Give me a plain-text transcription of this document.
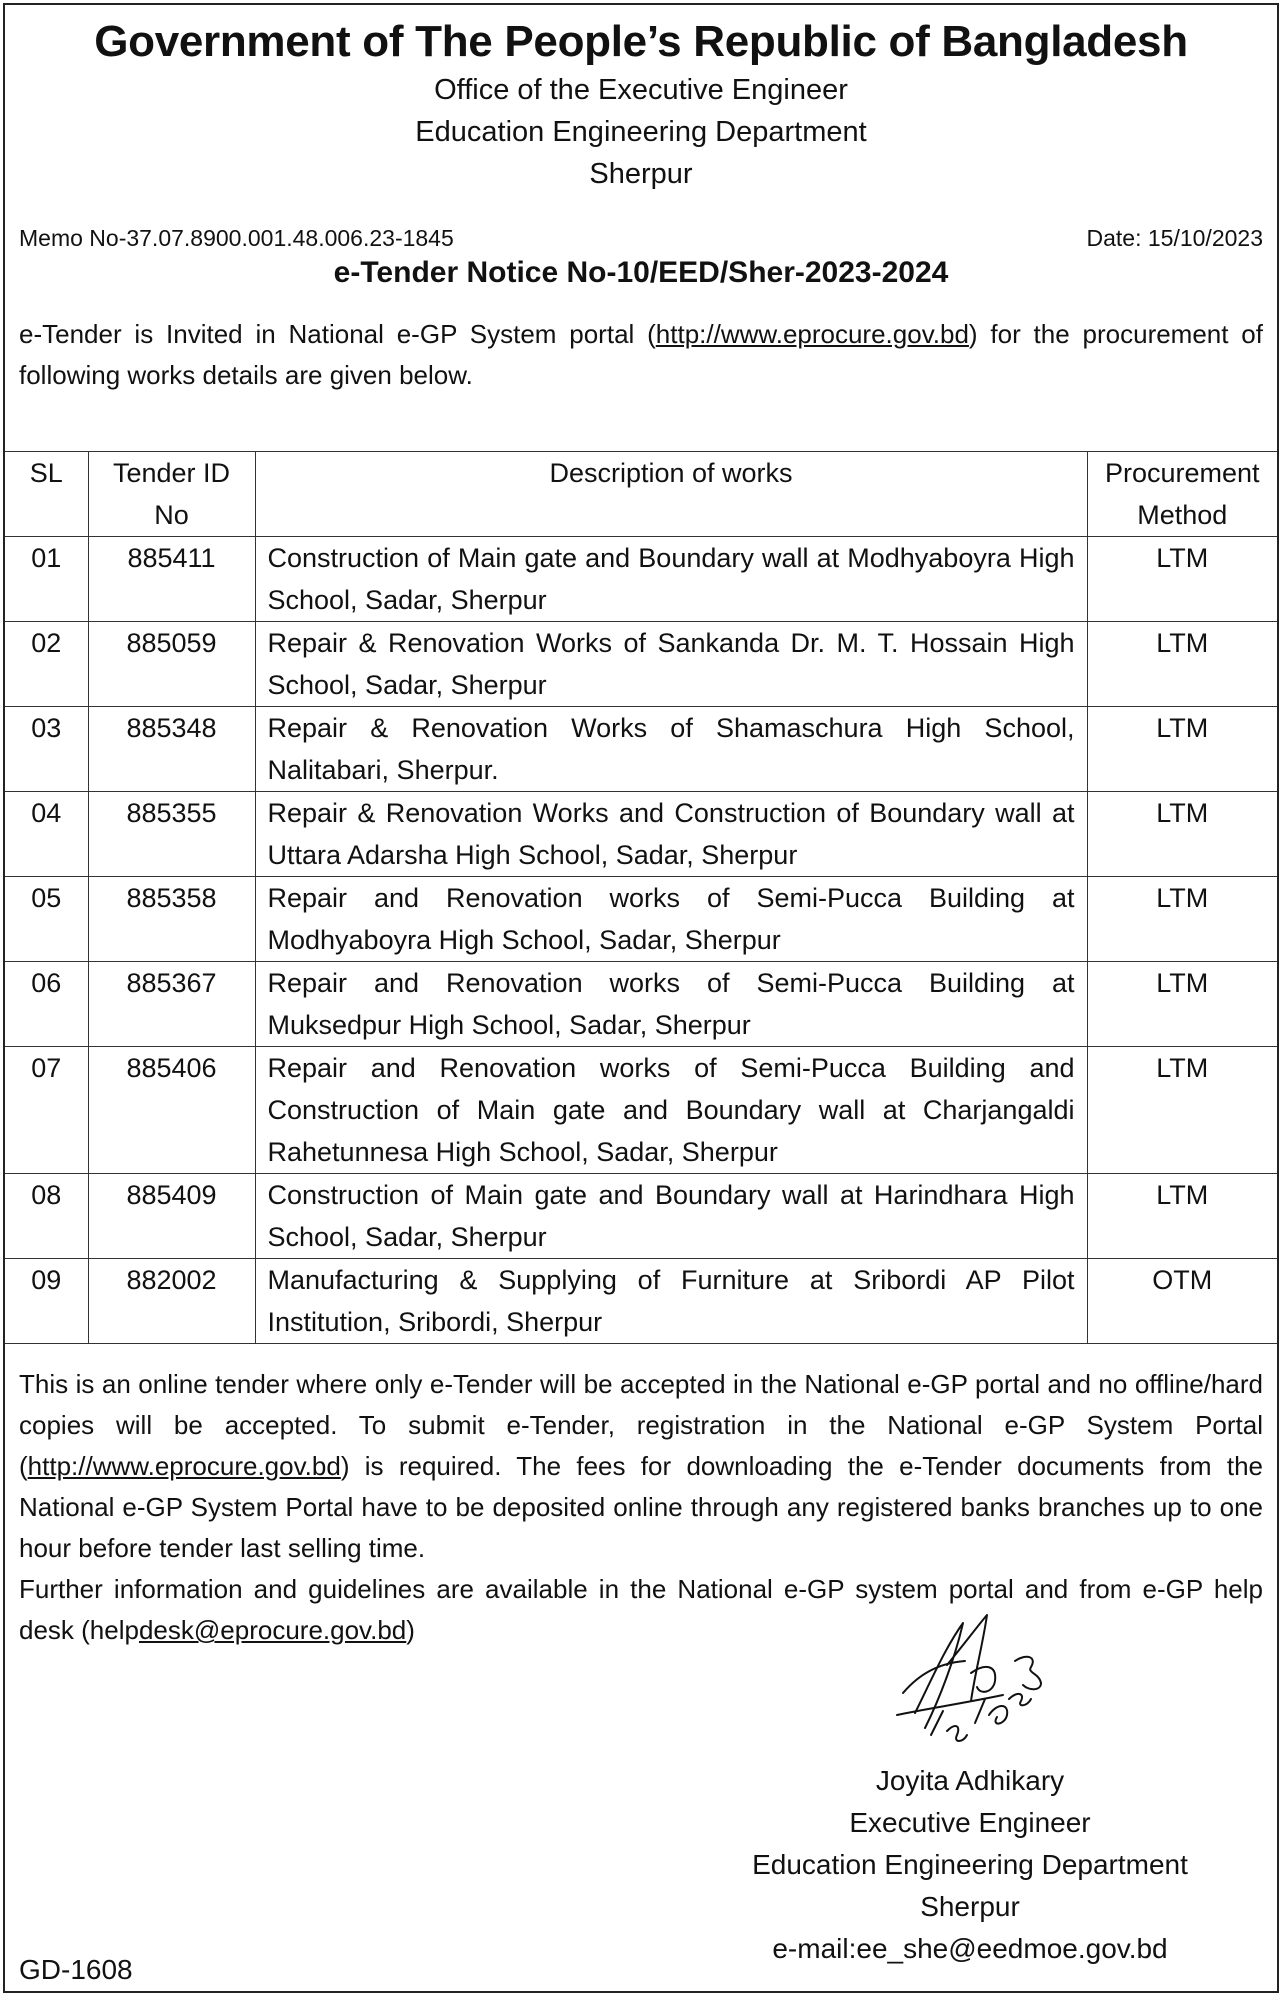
Government of The People’s Republic of Bangladesh
Office of the Executive Engineer
Education Engineering Department
Sherpur
Memo No-37.07.8900.001.48.006.23-1845	Date: 15/10/2023
e-Tender Notice No-10/EED/Sher-2023-2024
e-Tender is Invited in National e-GP System portal (http://www.eprocure.gov.bd) for the procurement of following works details are given below.
SL	Tender ID No	Description of works	Procurement Method
01	885411	Construction of Main gate and Boundary wall at Modhyaboyra High School, Sadar, Sherpur	LTM
02	885059	Repair & Renovation Works of Sankanda Dr. M. T. Hossain High School, Sadar, Sherpur	LTM
03	885348	Repair & Renovation Works of Shamaschura High School, Nalitabari, Sherpur.	LTM
04	885355	Repair & Renovation Works and Construction of Boundary wall at Uttara Adarsha High School, Sadar, Sherpur	LTM
05	885358	Repair and Renovation works of Semi-Pucca Building at Modhyaboyra High School, Sadar, Sherpur	LTM
06	885367	Repair and Renovation works of Semi-Pucca Building at Muksedpur High School, Sadar, Sherpur	LTM
07	885406	Repair and Renovation works of Semi-Pucca Building and Construction of Main gate and Boundary wall at Charjangaldi Rahetunnesa High School, Sadar, Sherpur	LTM
08	885409	Construction of Main gate and Boundary wall at Harindhara High School, Sadar, Sherpur	LTM
09	882002	Manufacturing & Supplying of Furniture at Sribordi AP Pilot Institution, Sribordi, Sherpur	OTM

This is an online tender where only e-Tender will be accepted in the National e-GP portal and no offline/hard copies will be accepted. To submit e-Tender, registration in the National e-GP System Portal (http://www.eprocure.gov.bd) is required. The fees for downloading the e-Tender documents from the National e-GP System Portal have to be deposited online through any registered banks branches up to one hour before tender last selling time.

Further information and guidelines are available in the National e-GP system portal and from e-GP help desk (helpdesk@eprocure.gov.bd)

Joyita Adhikary
Executive Engineer
Education Engineering Department
Sherpur
e-mail:ee_she@eedmoe.gov.bd
GD-1608
